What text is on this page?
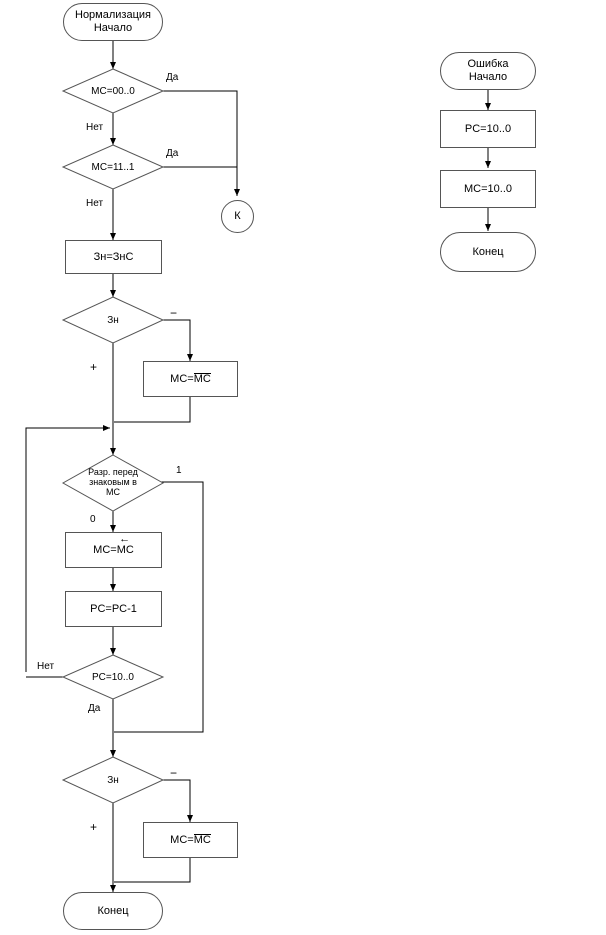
Нормализация
Начало
MC=00..0
Да
Нет
MC=11..1
Да
Нет
К
Зн=ЗнС
Зн	−
+
MC=MC
Разр. перед
знаковым в
MC
1
0
←
MC=MC
PC=PC-1
PC=10..0
Нет
Да
Зн	−
+
MC=MC
Конец
Ошибка
Начало
PC=10..0
MC=10..0
Конец
